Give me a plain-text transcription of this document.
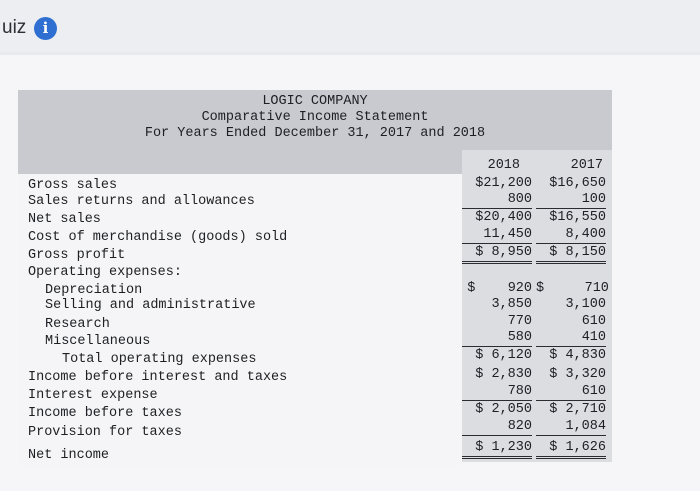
uiz	i
LOGIC COMPANY
Comparative Income Statement
For Years Ended December 31, 2017 and 2018
2018	2017
Gross sales
Sales returns and allowances
Net sales
Cost of merchandise (goods) sold
Gross profit
Operating expenses:
Depreciation
Selling and administrative
Research
Miscellaneous
Total operating expenses
Income before interest and taxes
Interest expense
Income before taxes
Provision for taxes
Net income
$21,200
800
$20,400
11,450
$ 8,950
$    920
3,850
770
580
$ 6,120
$ 2,830
780
$ 2,050
820
$ 1,230
$16,650
100
$16,550
8,400
$ 8,150
$     710
3,100
610
410
$ 4,830
$ 3,320
610
$ 2,710
1,084
$ 1,626
